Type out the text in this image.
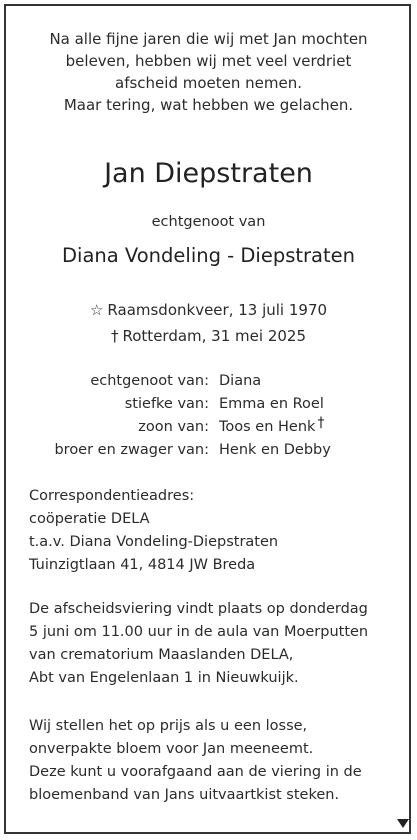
Na alle fijne jaren die wij met Jan mochten
beleven, hebben wij met veel verdriet
afscheid moeten nemen.
Maar tering, wat hebben we gelachen.
Jan Diepstraten
echtgenoot van
Diana Vondeling - Diepstraten
☆ Raamsdonkveer, 13 juli 1970
† Rotterdam, 31 mei 2025
echtgenoot van:
stiefke van:
zoon van:
broer en zwager van:
Diana
Emma en Roel
Toos en Henk †
Henk en Debby
Correspondentieadres:
coöperatie DELA
t.a.v. Diana Vondeling-Diepstraten
Tuinzigtlaan 41, 4814 JW Breda
De afscheidsviering vindt plaats op donderdag
5 juni om 11.00 uur in de aula van Moerputten
van crematorium Maaslanden DELA,
Abt van Engelenlaan 1 in Nieuwkuijk.
Wij stellen het op prijs als u een losse,
onverpakte bloem voor Jan meeneemt.
Deze kunt u voorafgaand aan de viering in de
bloemenband van Jans uitvaartkist steken.
